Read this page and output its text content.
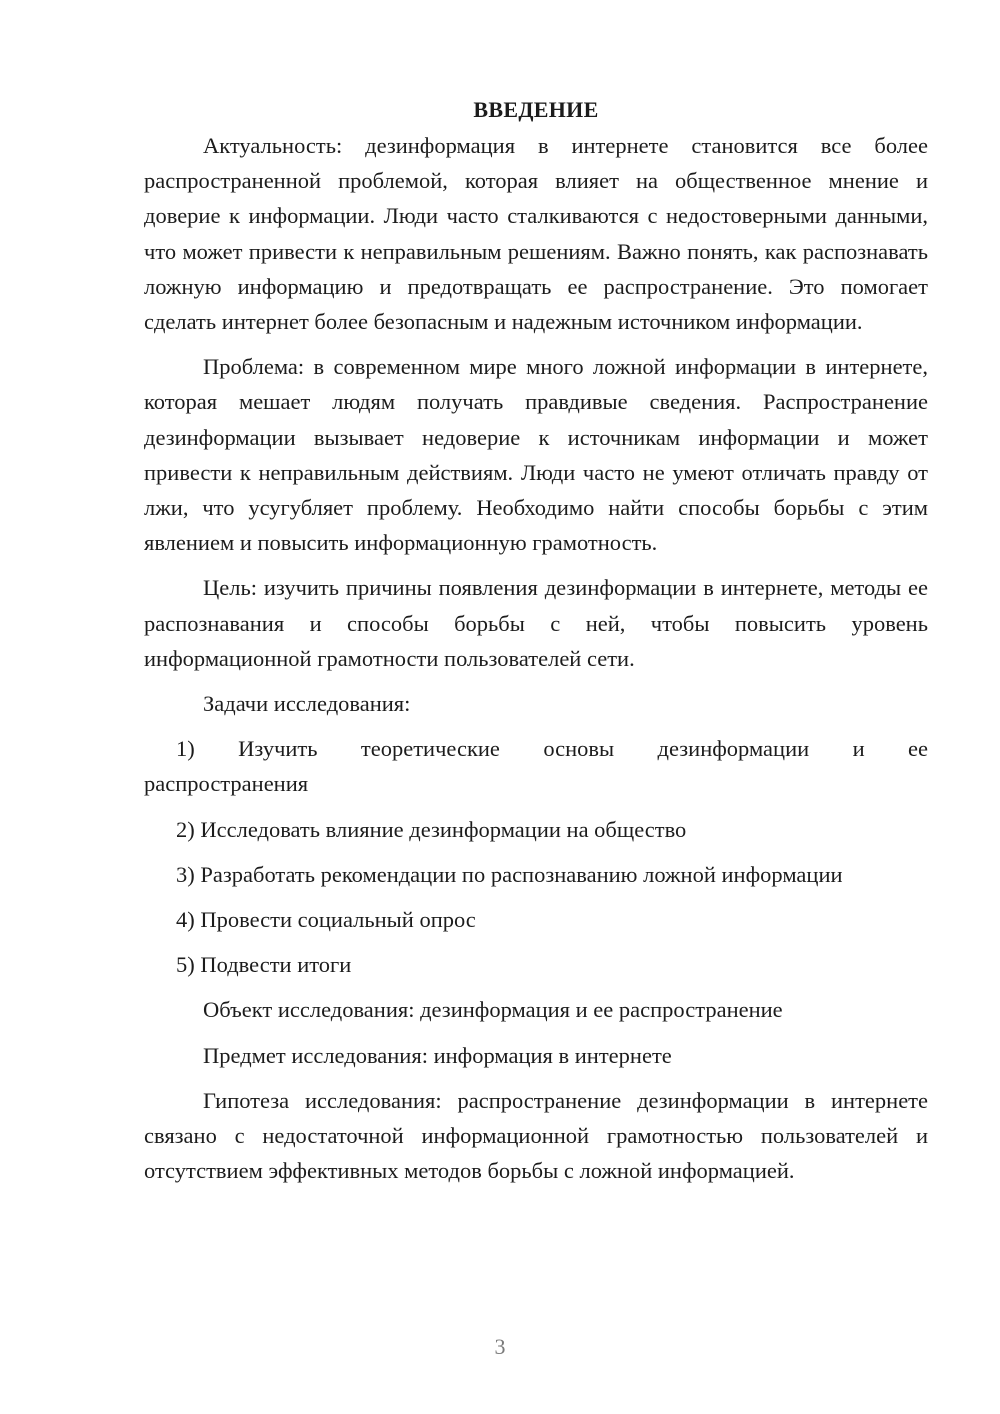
ВВЕДЕНИЕ

Актуальность: дезинформация в интернете становится все более распространенной проблемой, которая влияет на общественное мнение и доверие к информации. Люди часто сталкиваются с недостоверными данными, что может привести к неправильным решениям. Важно понять, как распознавать ложную информацию и предотвращать ее распространение. Это помогает сделать интернет более безопасным и надежным источником информации.

Проблема: в современном мире много ложной информации в интернете, которая мешает людям получать правдивые сведения. Распространение дезинформации вызывает недоверие к источникам информации и может привести к неправильным действиям. Люди часто не умеют отличать правду от лжи, что усугубляет проблему. Необходимо найти способы борьбы с этим явлением и повысить информационную грамотность.

Цель: изучить причины появления дезинформации в интернете, методы ее распознавания и способы борьбы с ней, чтобы повысить уровень информационной грамотности пользователей сети.

Задачи исследования:

1) Изучить теоретические основы дезинформации и ее

распространения

2) Исследовать влияние дезинформации на общество

3) Разработать рекомендации по распознаванию ложной информации

4) Провести социальный опрос

5) Подвести итоги

Объект исследования: дезинформация и ее распространение

Предмет исследования: информация в интернете

Гипотеза исследования: распространение дезинформации в интернете связано с недостаточной информационной грамотностью пользователей и отсутствием эффективных методов борьбы с ложной информацией.

3
